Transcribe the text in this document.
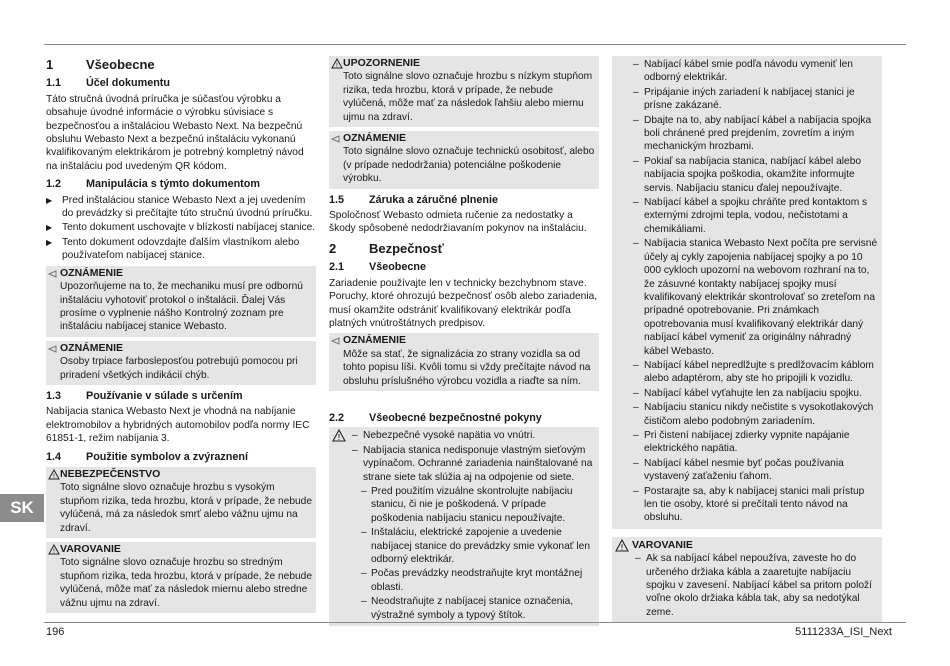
1	Všeobecne
1.1	Účel dokumentu
Táto stručná úvodná príručka je súčasťou výrobku a obsahuje úvodné informácie o výrobku súvisiace s bezpečnosťou a inštaláciou Webasto Next. Na bezpečnú obsluhu Webasto Next a bezpečnú inštaláciu vykonanú kvalifikovaným elektrikárom je potrebný kompletný návod na inštaláciu pod uvedeným QR kódom.
1.2	Manipulácia s týmto dokumentom
▶ Pred inštaláciou stanice Webasto Next a jej uvedením do prevádzky si prečítajte túto stručnú úvodnú príručku.
▶ Tento dokument uschovajte v blízkosti nabíjacej stanice.
▶ Tento dokument odovzdajte ďalším vlastníkom alebo používateľom nabíjacej stanice.
OZNÁMENIE
Upozorňujeme na to, že mechaniku musí pre odbornú inštaláciu vyhotoviť protokol o inštalácii. Ďalej Vás prosíme o vyplnenie nášho Kontrolný zoznam pre inštaláciu nabíjacej stanice Webasto.
OZNÁMENIE
Osoby trpiace farbosleposťou potrebujú pomocou pri priradení všetkých indikácií chýb.
1.3	Používanie v súlade s určením
Nabíjacia stanica Webasto Next je vhodná na nabíjanie elektromobilov a hybridných automobilov podľa normy IEC 61851-1, režim nabíjania 3.
1.4	Použitie symbolov a zvýraznení
! NEBEZPEČENSTVO
Toto signálne slovo označuje hrozbu s vysokým stupňom rizika, teda hrozbu, ktorá v prípade, že nebude vylúčená, má za následok smrť alebo vážnu ujmu na zdraví.
! VAROVANIE
Toto signálne slovo označuje hrozbu so stredným stupňom rizika, teda hrozbu, ktorá v prípade, že nebude vylúčená, môže mať za následok miernu alebo stredne vážnu ujmu na zdraví.
! UPOZORNENIE
Toto signálne slovo označuje hrozbu s nízkym stupňom rizika, teda hrozbu, ktorá v prípade, že nebude vylúčená, môže mať za následok ľahšiu alebo miernu ujmu na zdraví.
OZNÁMENIE
Toto signálne slovo označuje technickú osobitosť, alebo (v prípade nedodržania) potenciálne poškodenie výrobku.
1.5	Záruka a záručné plnenie
Spoločnosť Webasto odmieta ručenie za nedostatky a škody spôsobené nedodržiavaním pokynov na inštaláciu.
2	Bezpečnosť
2.1	Všeobecne
Zariadenie používajte len v technicky bezchybnom stave. Poruchy, ktoré ohrozujú bezpečnosť osôb alebo zariadenia, musí okamžite odstrániť kvalifikovaný elektrikár podľa platných vnútroštátnych predpisov.
OZNÁMENIE
Môže sa stať, že signalizácia zo strany vozidla sa od tohto popisu líši. Kvôli tomu si vždy prečítajte návod na obsluhu príslušného výrobcu vozidla a riaďte sa ním.
2.2	Všeobecné bezpečnostné pokyny
!
–	Nebezpečné vysoké napätia vo vnútri.
– Nabíjacia stanica nedisponuje vlastným sieťovým vypínačom. Ochranné zariadenia nainštalované na strane siete tak slúžia aj na odpojenie od siete.
– Pred použitím vizuálne skontrolujte nabíjaciu stanicu, či nie je poškodená. V prípade poškodenia nabíjaciu stanicu nepoužívajte.
– Inštaláciu, elektrické zapojenie a uvedenie nabíjacej stanice do prevádzky smie vykonať len odborný elektrikár.
– Počas prevádzky neodstraňujte kryt montážnej oblasti.
– Neodstraňujte z nabíjacej stanice označenia, výstražné symboly a typový štítok.
– Nabíjací kábel smie podľa návodu vymeniť len odborný elektrikár.
– Pripájanie iných zariadení k nabíjacej stanici je prísne zakázané.
– Dbajte na to, aby nabíjací kábel a nabíjacia spojka boli chránené pred prejdením, zovretím a iným mechanickým hrozbami.
– Pokiaľ sa nabíjacia stanica, nabíjací kábel alebo nabíjacia spojka poškodia, okamžite informujte servis. Nabíjaciu stanicu ďalej nepoužívajte.
– Nabíjací kábel a spojku chráňte pred kontaktom s externými zdrojmi tepla, vodou, nečistotami a chemikáliami.
– Nabíjacia stanica Webasto Next počíta pre servisné účely aj cykly zapojenia nabíjacej spojky a po 10 000 cykloch upozorní na webovom rozhraní na to, že zásuvné kontakty nabíjacej spojky musí kvalifikovaný elektrikár skontrolovať so zreteľom na prípadné opotrebovanie. Pri známkach opotrebovania musí kvalifikovaný elektrikár daný nabíjací kábel vymeniť za originálny náhradný kábel Webasto.
– Nabíjací kábel nepredlžujte s predlžovacím káblom alebo adaptérom, aby ste ho pripojili k vozidlu.
– Nabíjací kábel vyťahujte len za nabíjaciu spojku.
– Nabíjaciu stanicu nikdy nečistite s vysokotlakových čističom alebo podobným zariadením.
– Pri čistení nabíjacej zdierky vypnite napájanie elektrického napätia.
– Nabíjací kábel nesmie byť počas používania vystavený zaťaženiu ťahom.
– Postarajte sa, aby k nabíjacej stanici mali prístup len tie osoby, ktoré si prečítali tento návod na obsluhu.
! VAROVANIE
– Ak sa nabíjací kábel nepoužíva, zaveste ho do určeného držiaka kábla a zaaretujte nabíjaciu spojku v zavesení. Nabíjací kábel sa pritom položí voľne okolo držiaka kábla tak, aby sa nedotýkal zeme.
SK
196	5111233A_ISI_Next
